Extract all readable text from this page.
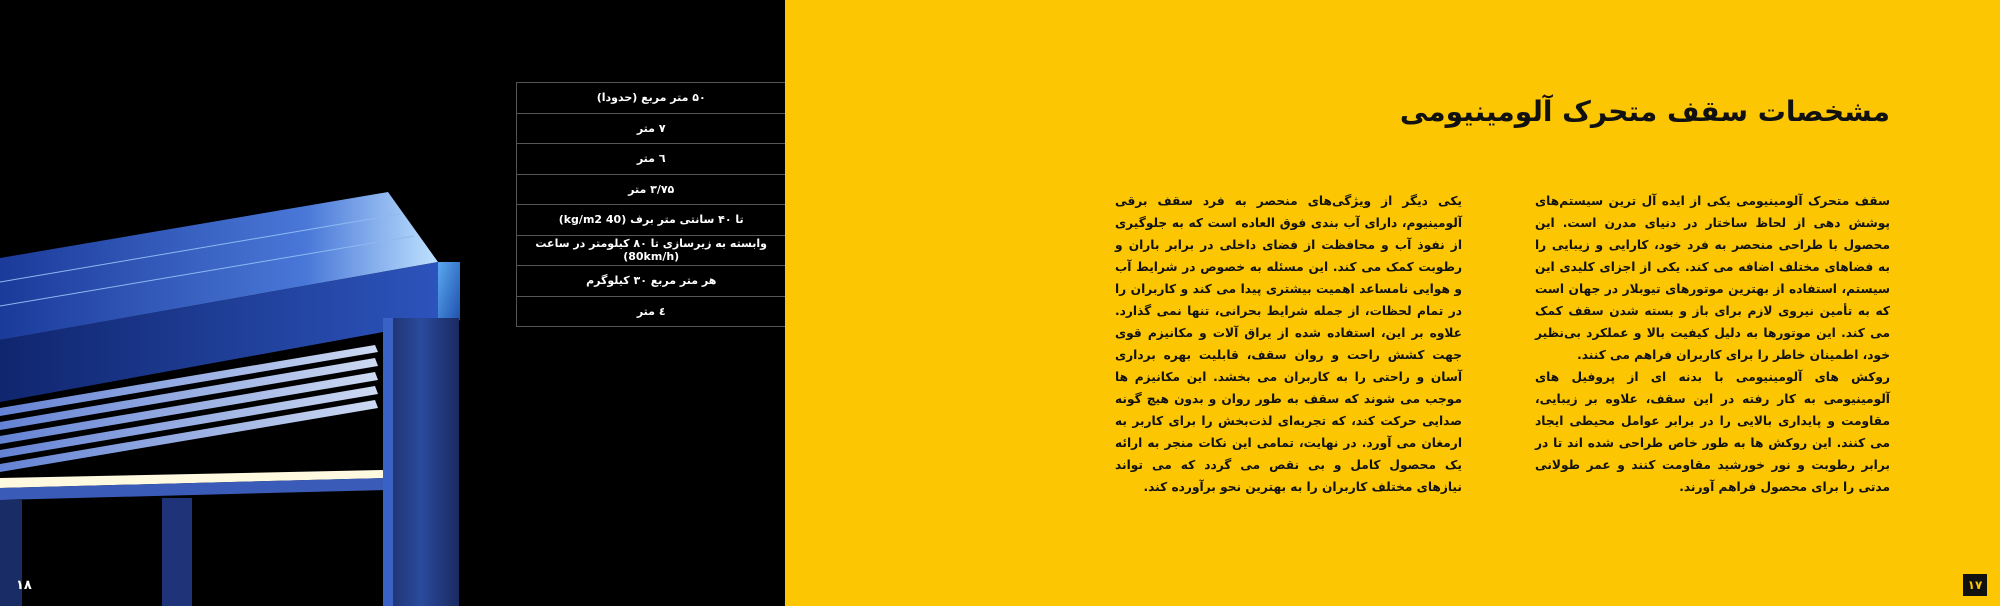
	۵۰ متر مربع (حدودا)
	۷ متر
	٦ متر
	۳/۷۵ متر
	تا ۴۰ سانتی متر برف (40 kg/m2)
	وابسته به زیرسازی تا ۸۰ کیلومتر در ساعت (80km/h)
	هر متر مربع ۳۰ کیلوگرم
	٤ متر
۱۸
مشخصات سقف متحرک آلومینیومی

سقف متحرک آلومینیومی یکی از ایده آل ترین سیستم‌های پوشش دهی از لحاظ ساختار در دنیای مدرن است. این محصول با طراحی منحصر به فرد خود، کارایی و زیبایی را به فضاهای مختلف اضافه می کند. یکی از اجزای کلیدی این سیستم، استفاده از بهترین موتورهای تیوبلار در جهان است که به تأمین نیروی لازم برای باز و بسته شدن سقف کمک می کند. این موتورها به دلیل کیفیت بالا و عملکرد بی‌نظیر خود، اطمینان خاطر را برای کاربران فراهم می کنند.

روکش های آلومینیومی با بدنه ای از پروفیل های آلومینیومی به کار رفته در این سقف، علاوه بر زیبایی، مقاومت و پایداری بالایی را در برابر عوامل محیطی ایجاد می کنند. این روکش ها به طور خاص طراحی شده اند تا در برابر رطوبت و نور خورشید مقاومت کنند و عمر طولانی مدتی را برای محصول فراهم آورند.

یکی دیگر از ویژگی‌های منحصر به فرد سقف برقی آلومینیوم، دارای آب بندی فوق العاده است که به جلوگیری از نفوذ آب و محافظت از فضای داخلی در برابر باران و رطوبت کمک می کند. این مسئله به خصوص در شرایط آب و هوایی نامساعد اهمیت بیشتری پیدا می کند و کاربران را در تمام لحظات، از جمله شرایط بحرانی، تنها نمی گذارد. علاوه بر این، استفاده شده از یراق آلات و مکانیزم قوی جهت کشش راحت و روان سقف، قابلیت بهره برداری آسان و راحتی را به کاربران می بخشد. این مکانیزم ها موجب می شوند که سقف به طور روان و بدون هیچ گونه صدایی حرکت کند، که تجربه‌ای لذت‌بخش را برای کاربر به ارمغان می آورد. در نهایت، تمامی این نکات منجر به ارائه یک محصول کامل و بی نقص می گردد که می تواند نیازهای مختلف کاربران را به بهترین نحو برآورده کند.

۱۷
